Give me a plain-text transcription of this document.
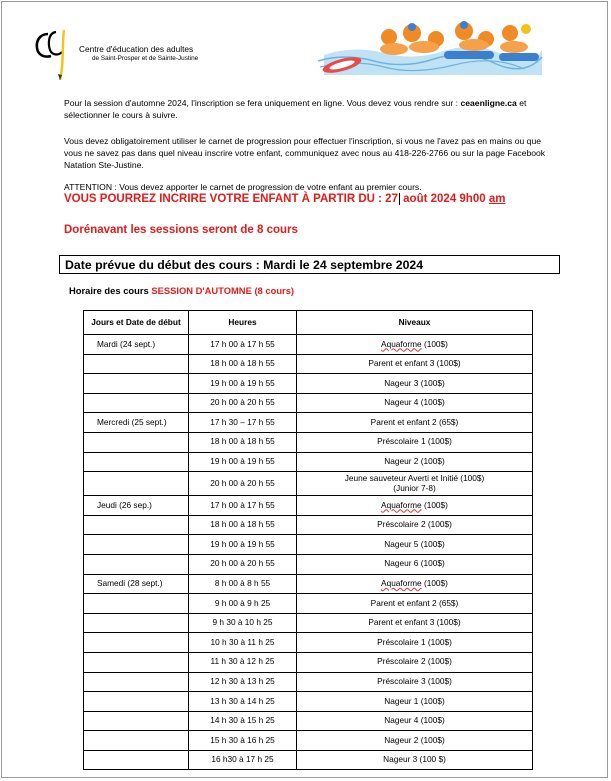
Centre d'éducation des adultes
de Saint-Prosper et de Sainte-Justine
Pour la session d'automne 2024, l'inscription se fera uniquement en ligne. Vous devez vous rendre sur : ceaenligne.ca et sélectionner le cours à suivre.
Vous devez obligatoirement utiliser le carnet de progression pour effectuer l'inscription, si vous ne l'avez pas en mains ou que vous ne savez pas dans quel niveau inscrire votre enfant, communiquez avec nous au 418-226-2766 ou sur la page Facebook Natation Ste-Justine.
ATTENTION : Vous devez apporter le carnet de progression de votre enfant au premier cours.
VOUS POURREZ INCRIRE VOTRE ENFANT À PARTIR DU : 27 août 2024 9h00 am
Dorénavant les sessions seront de 8 cours
Date prévue du début des cours : Mardi le 24 septembre 2024
Horaire des cours SESSION D'AUTOMNE (8 cours)
Jours et Date de début	Heures	Niveaux
Mardi (24 sept.)	17 h 00 à 17 h 55	Aquaforme (100$)
	18 h 00 à 18 h 55	Parent et enfant 3 (100$)
	19 h 00 à 19 h 55	Nageur 3 (100$)
	20 h 00 à 20 h 55	Nageur 4 (100$)
Mercredi (25 sept.)	17 h 30 – 17 h 55	Parent et enfant 2 (65$)
	18 h 00 à 18 h 55	Préscolaire 1 (100$)
	19 h 00 à 19 h 55	Nageur 2 (100$)
	20 h 00 à 20 h 55	Jeune sauveteur Averti et Initié (100$)
(Junior 7-8)
Jeudi (26 sep.)	17 h 00 à 17 h 55	Aquaforme (100$)
	18 h 00 à 18 h 55	Préscolaire 2 (100$)
	19 h 00 à 19 h 55	Nageur 5 (100$)
	20 h 00 à 20 h 55	Nageur 6 (100$)
Samedi (28 sept.)	8 h 00 à 8 h 55	Aquaforme (100$)
	9 h 00 à 9 h 25	Parent et enfant 2 (65$)
	9 h 30 à 10 h 25	Parent et enfant 3 (100$)
	10 h 30 à 11 h 25	Préscolaire 1 (100$)
	11 h 30 à 12 h 25	Préscolaire 2 (100$)
	12 h 30 à 13 h 25	Préscolaire 3 (100$)
	13 h 30 à 14 h 25	Nageur 1 (100$)
	14 h 30 à 15 h 25	Nageur 4 (100$)
	15 h 30 à 16 h 25	Nageur 2 (100$)
	16 h30 à 17 h 25	Nageur 3 (100 $)
